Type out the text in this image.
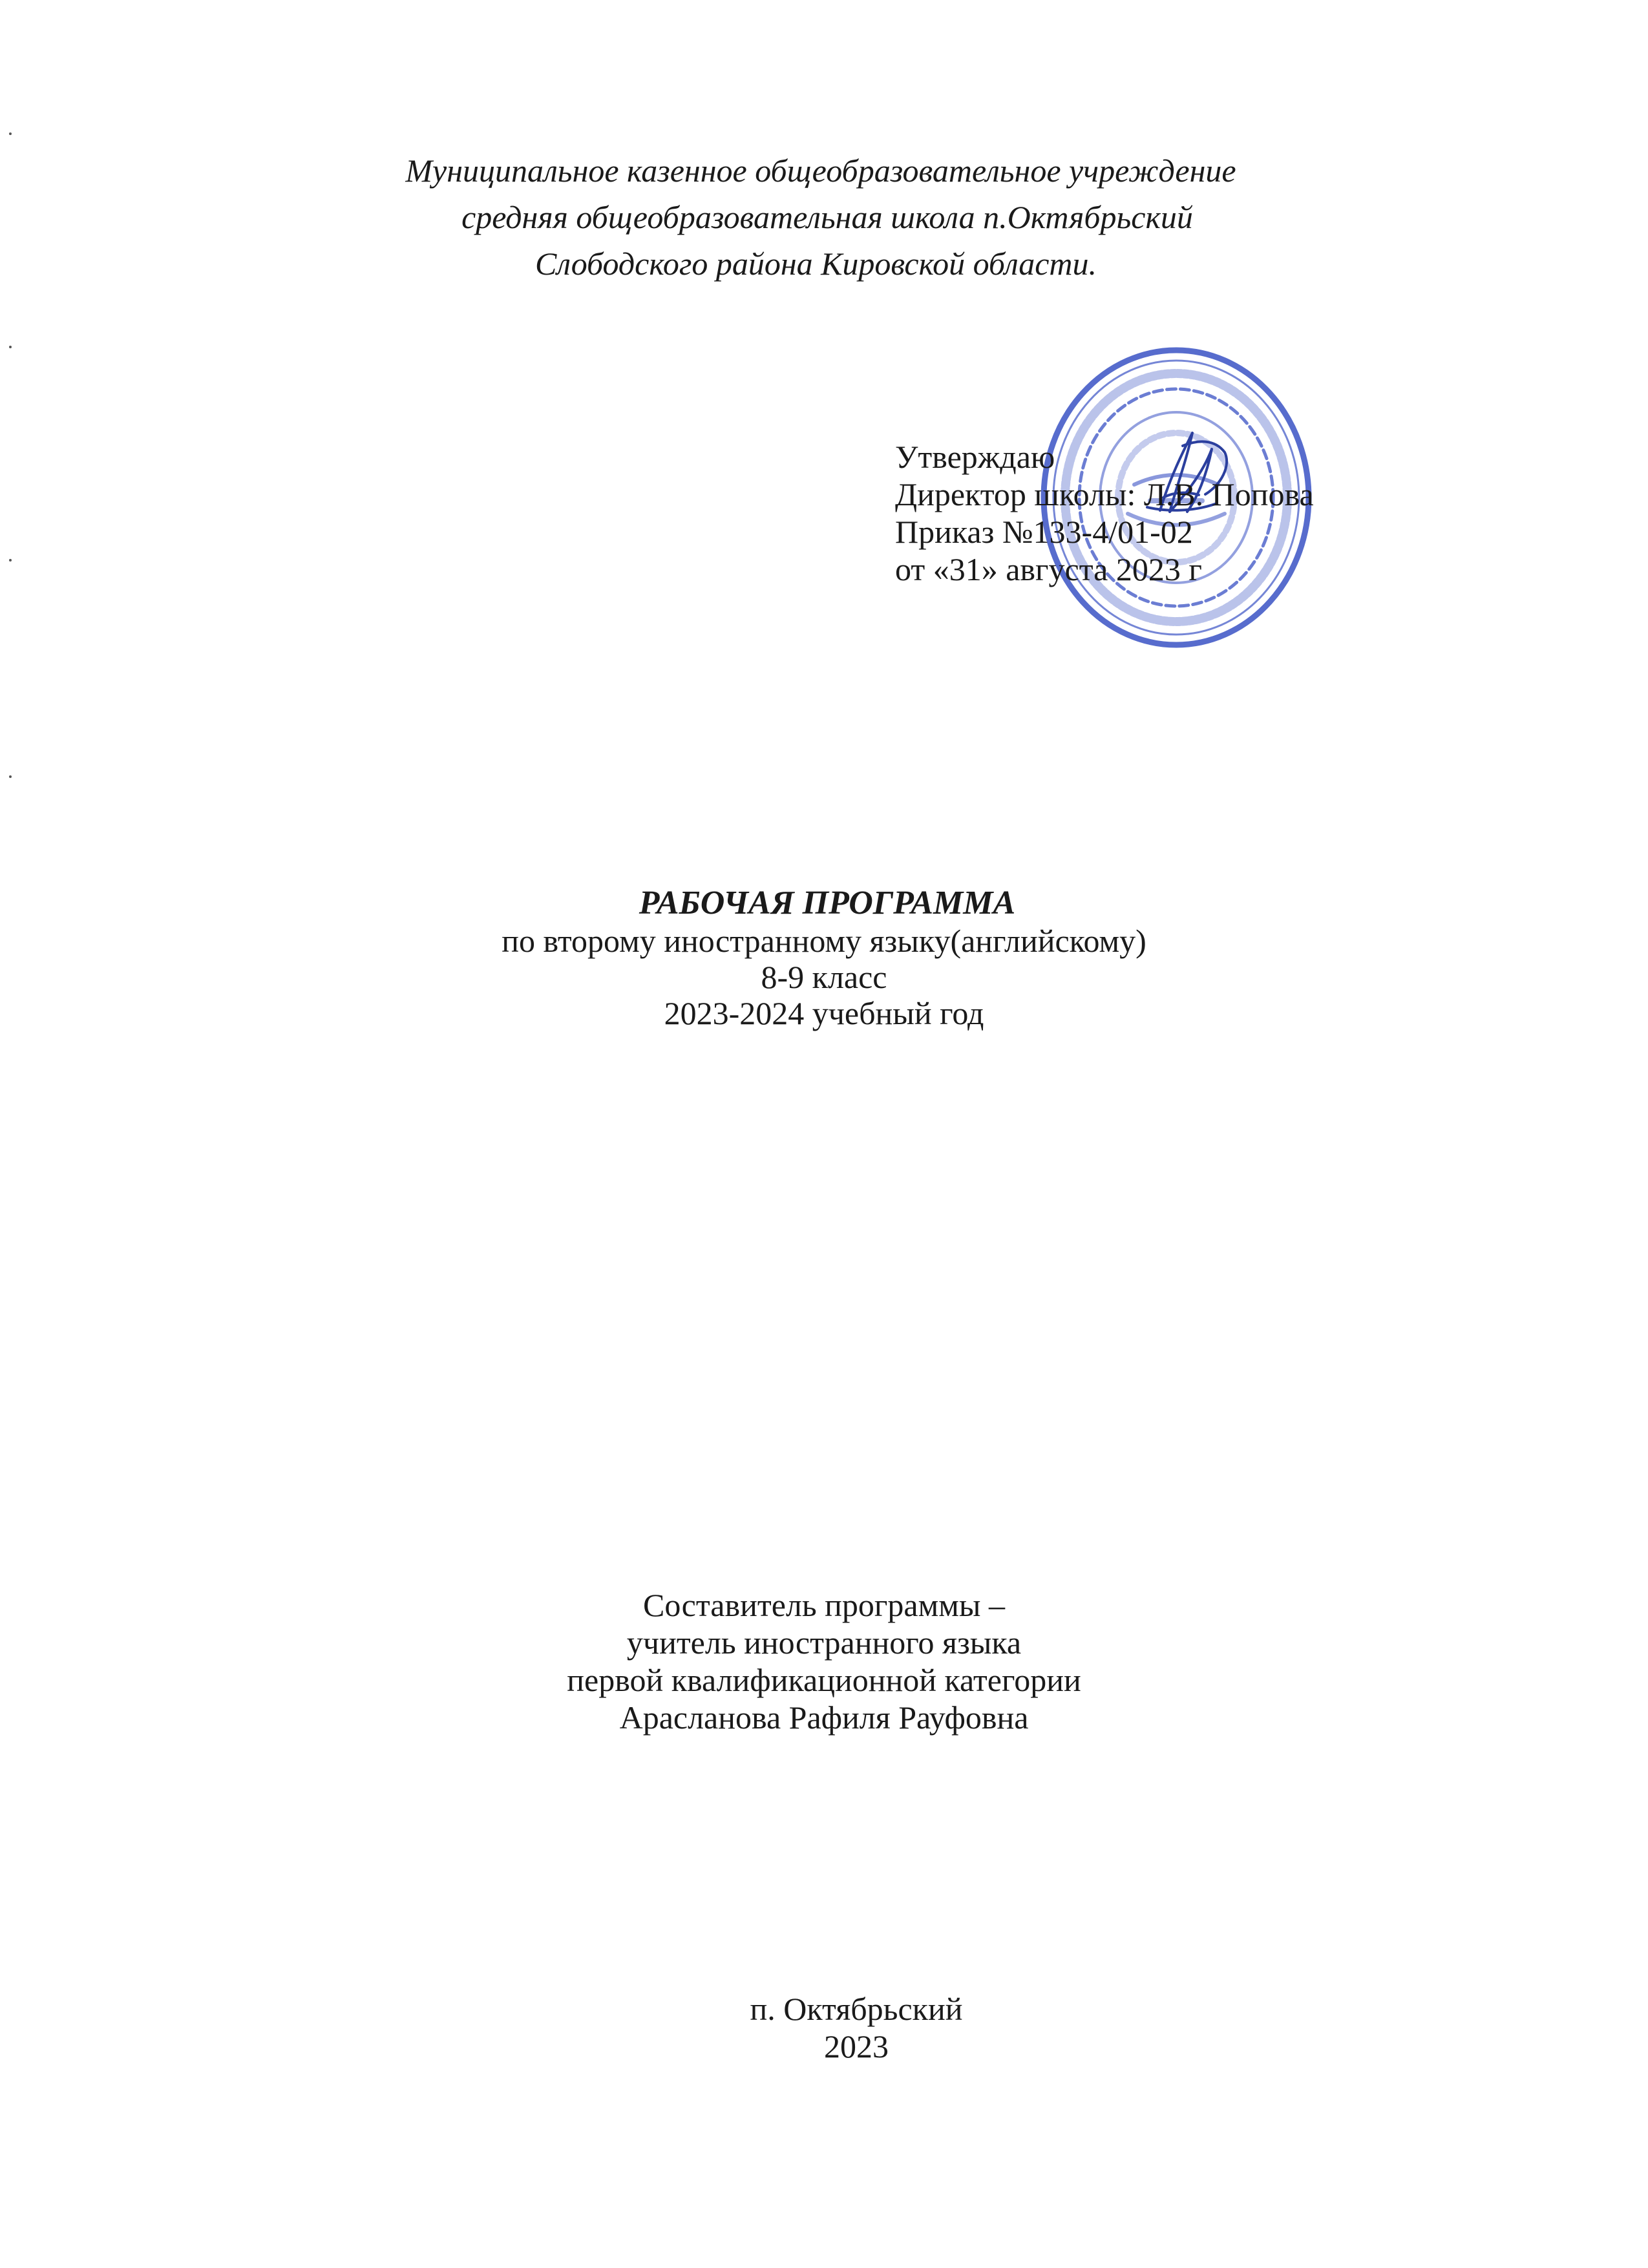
Муниципальное казенное общеобразовательное учреждение
средняя общеобразовательная школа п.Октябрьский
Слободского района Кировской области.
Утверждаю
Директор школы: Л.В. Попова
Приказ №133-4/01-02
от «31» августа 2023 г
РАБОЧАЯ ПРОГРАММА
по второму иностранному языку(английскому)
8-9 класс
2023-2024 учебный год
Составитель программы –
учитель иностранного языка
первой квалификационной категории
Арасланова Рафиля Рауфовна
п. Октябрьский
2023
